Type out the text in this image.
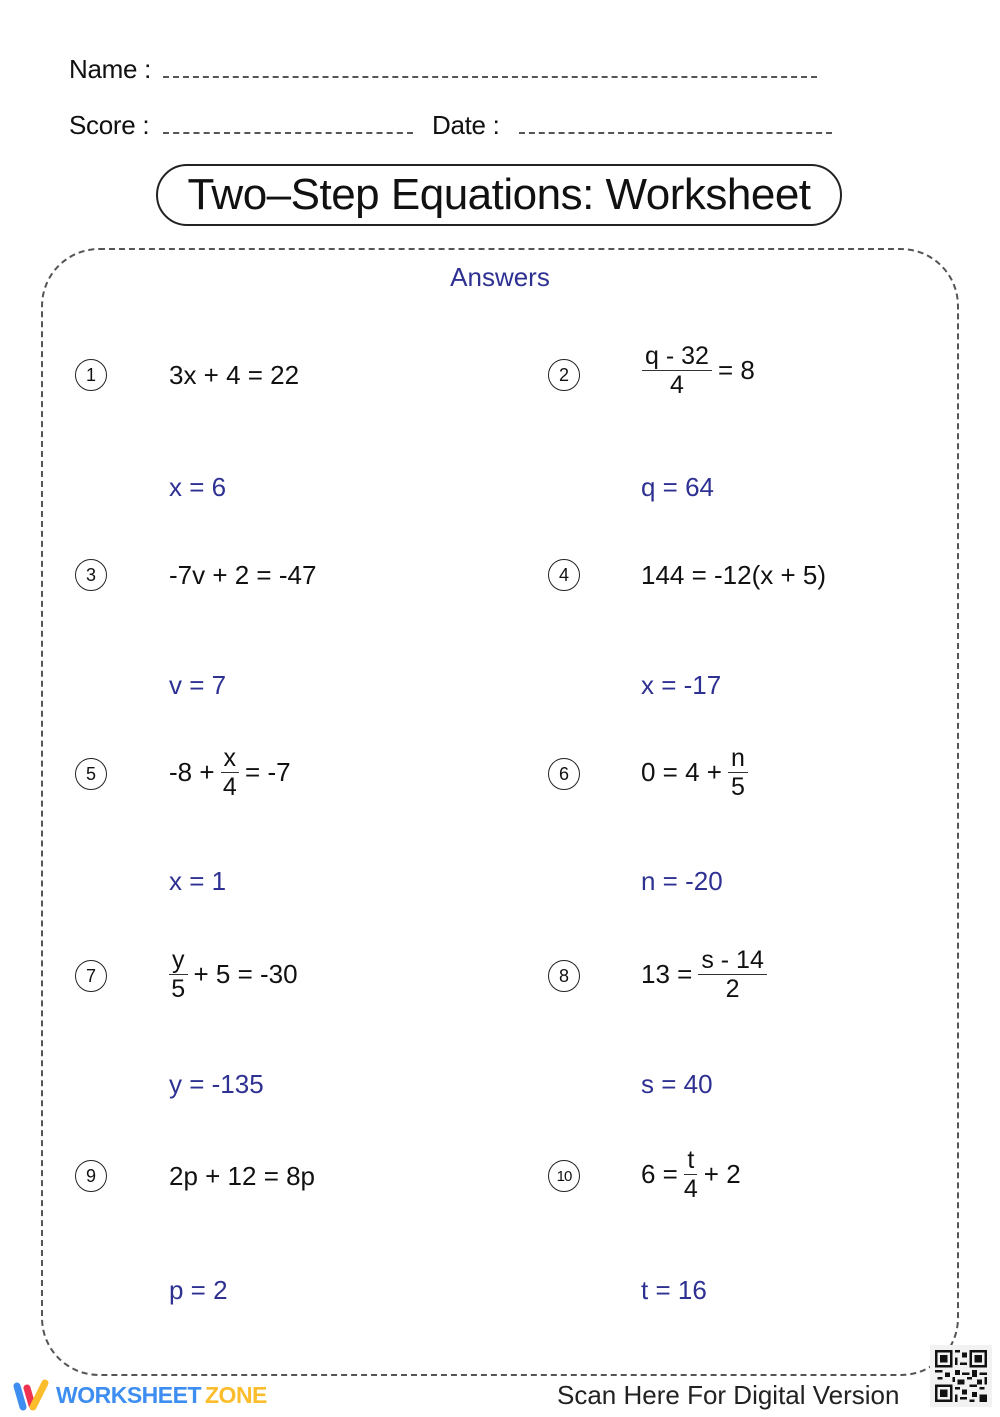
Name :
Score :	Date :
Two–Step Equations: Worksheet
Answers
1	3x + 4 = 22
x = 6
2	$\frac{q - 32}{4} = 8$
q = 64
3	-7v + 2 = -47
v = 7
4	144 = -12(x + 5)
x = -17
5	$-8 + \frac{x}{4} = -7$
x = 1
6	$0 = 4 + \frac{n}{5}$
n = -20
7	$\frac{y}{5} + 5 = -30$
y = -135
8	$13 = \frac{s - 14}{2}$
s = 40
9	2p + 12 = 8p
p = 2
10	$6 = \frac{t}{4} + 2$
t = 16
WORKSHEET ZONE	Scan Here For Digital Version
